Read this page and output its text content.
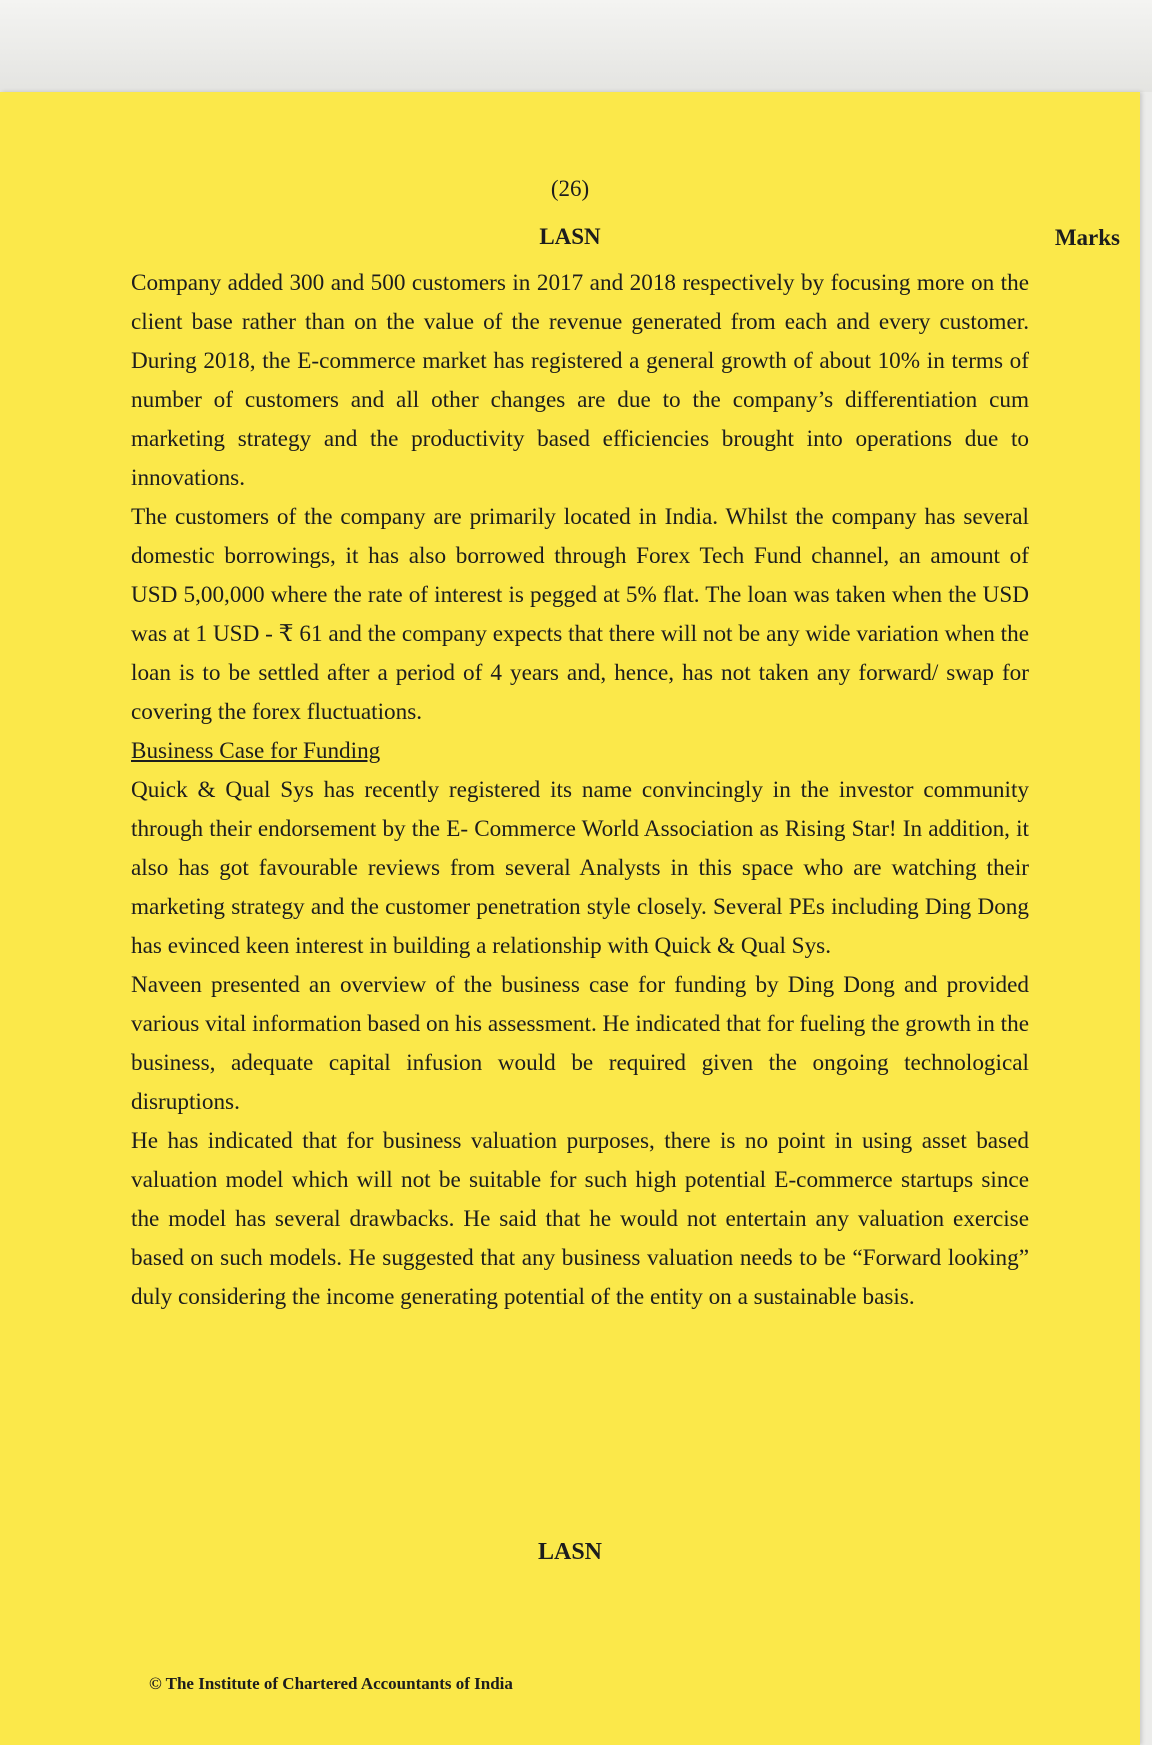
(26)
LASN	Marks

Company added 300 and 500 customers in 2017 and 2018 respectively by focusing more on the client base rather than on the value of the revenue generated from each and every customer. During 2018, the E-commerce market has registered a general growth of about 10% in terms of number of customers and all other changes are due to the company’s differentiation cum marketing strategy and the productivity based efficiencies brought into operations due to innovations.

The customers of the company are primarily located in India. Whilst the company has several domestic borrowings, it has also borrowed through Forex Tech Fund channel, an amount of USD 5,00,000 where the rate of interest is pegged at 5% flat. The loan was taken when the USD was at 1 USD - ₹ 61 and the company expects that there will not be any wide variation when the loan is to be settled after a period of 4 years and, hence, has not taken any forward/ swap for covering the forex fluctuations.

Business Case for Funding

Quick & Qual Sys has recently registered its name convincingly in the investor community through their endorsement by the E- Commerce World Association as Rising Star! In addition, it also has got favourable reviews from several Analysts in this space who are watching their marketing strategy and the customer penetration style closely. Several PEs including Ding Dong has evinced keen interest in building a relationship with Quick & Qual Sys.

Naveen presented an overview of the business case for funding by Ding Dong and provided various vital information based on his assessment. He indicated that for fueling the growth in the business, adequate capital infusion would be required given the ongoing technological disruptions.

He has indicated that for business valuation purposes, there is no point in using asset based valuation model which will not be suitable for such high potential E-commerce startups since the model has several drawbacks. He said that he would not entertain any valuation exercise based on such models. He suggested that any business valuation needs to be “Forward looking” duly considering the income generating potential of the entity on a sustainable basis.

LASN
© The Institute of Chartered Accountants of India
